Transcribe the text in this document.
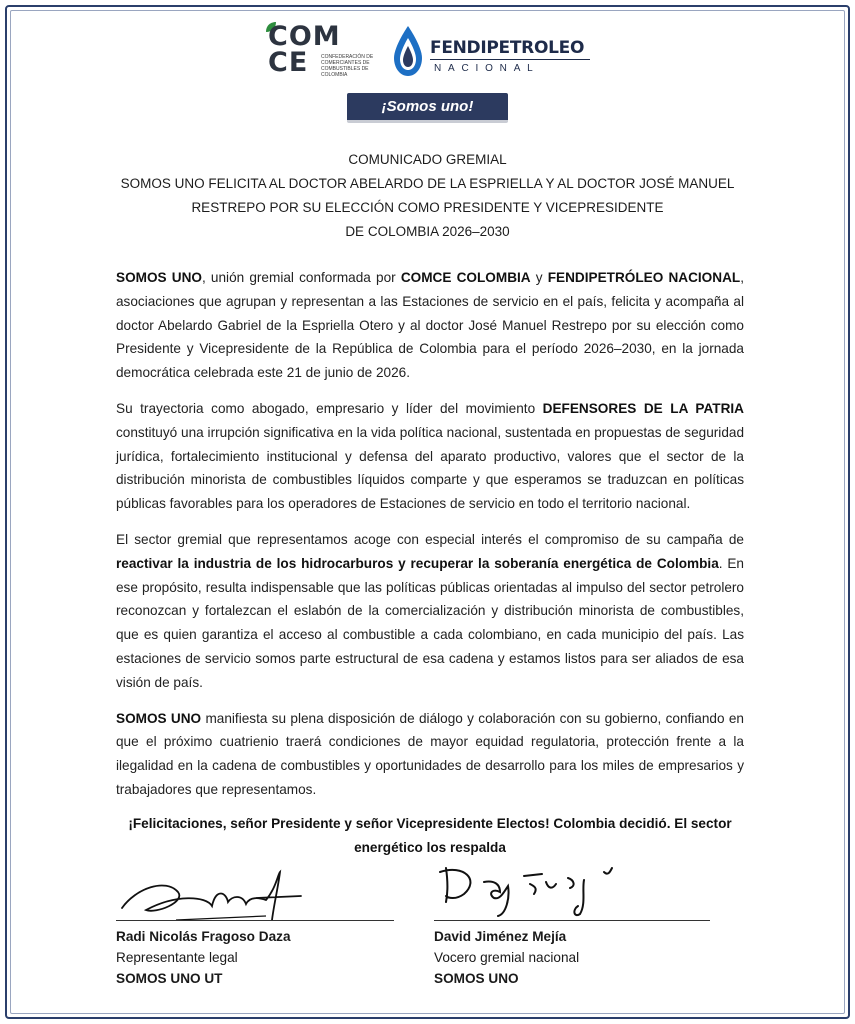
COM
CE	CONFEDERACIÓN DE COMERCIANTES DE COMBUSTIBLES DE COLOMBIA
FENDIPETROLEO
NACIONAL
¡Somos uno!
COMUNICADO GREMIAL
SOMOS UNO FELICITA AL DOCTOR ABELARDO DE LA ESPRIELLA Y AL DOCTOR JOSÉ MANUEL
RESTREPO POR SU ELECCIÓN COMO PRESIDENTE Y VICEPRESIDENTE
DE COLOMBIA 2026–2030

SOMOS UNO, unión gremial conformada por COMCE COLOMBIA y FENDIPETRÓLEO NACIONAL, asociaciones que agrupan y representan a las Estaciones de servicio en el país, felicita y acompaña al doctor Abelardo Gabriel de la Espriella Otero y al doctor José Manuel Restrepo por su elección como Presidente y Vicepresidente de la República de Colombia para el período 2026–2030, en la jornada democrática celebrada este 21 de junio de 2026.

Su trayectoria como abogado, empresario y líder del movimiento DEFENSORES DE LA PATRIA constituyó una irrupción significativa en la vida política nacional, sustentada en propuestas de seguridad jurídica, fortalecimiento institucional y defensa del aparato productivo, valores que el sector de la distribución minorista de combustibles líquidos comparte y que esperamos se traduzcan en políticas públicas favorables para los operadores de Estaciones de servicio en todo el territorio nacional.

El sector gremial que representamos acoge con especial interés el compromiso de su campaña de reactivar la industria de los hidrocarburos y recuperar la soberanía energética de Colombia. En ese propósito, resulta indispensable que las políticas públicas orientadas al impulso del sector petrolero reconozcan y fortalezcan el eslabón de la comercialización y distribución minorista de combustibles, que es quien garantiza el acceso al combustible a cada colombiano, en cada municipio del país. Las estaciones de servicio somos parte estructural de esa cadena y estamos listos para ser aliados de esa visión de país.

SOMOS UNO manifiesta su plena disposición de diálogo y colaboración con su gobierno, confiando en que el próximo cuatrienio traerá condiciones de mayor equidad regulatoria, protección frente a la ilegalidad en la cadena de combustibles y oportunidades de desarrollo para los miles de empresarios y trabajadores que representamos.

¡Felicitaciones, señor Presidente y señor Vicepresidente Electos! Colombia decidió. El sector
energético los respalda
Radi Nicolás Fragoso Daza
Representante legal
SOMOS UNO UT
David Jiménez Mejía
Vocero gremial nacional
SOMOS UNO
